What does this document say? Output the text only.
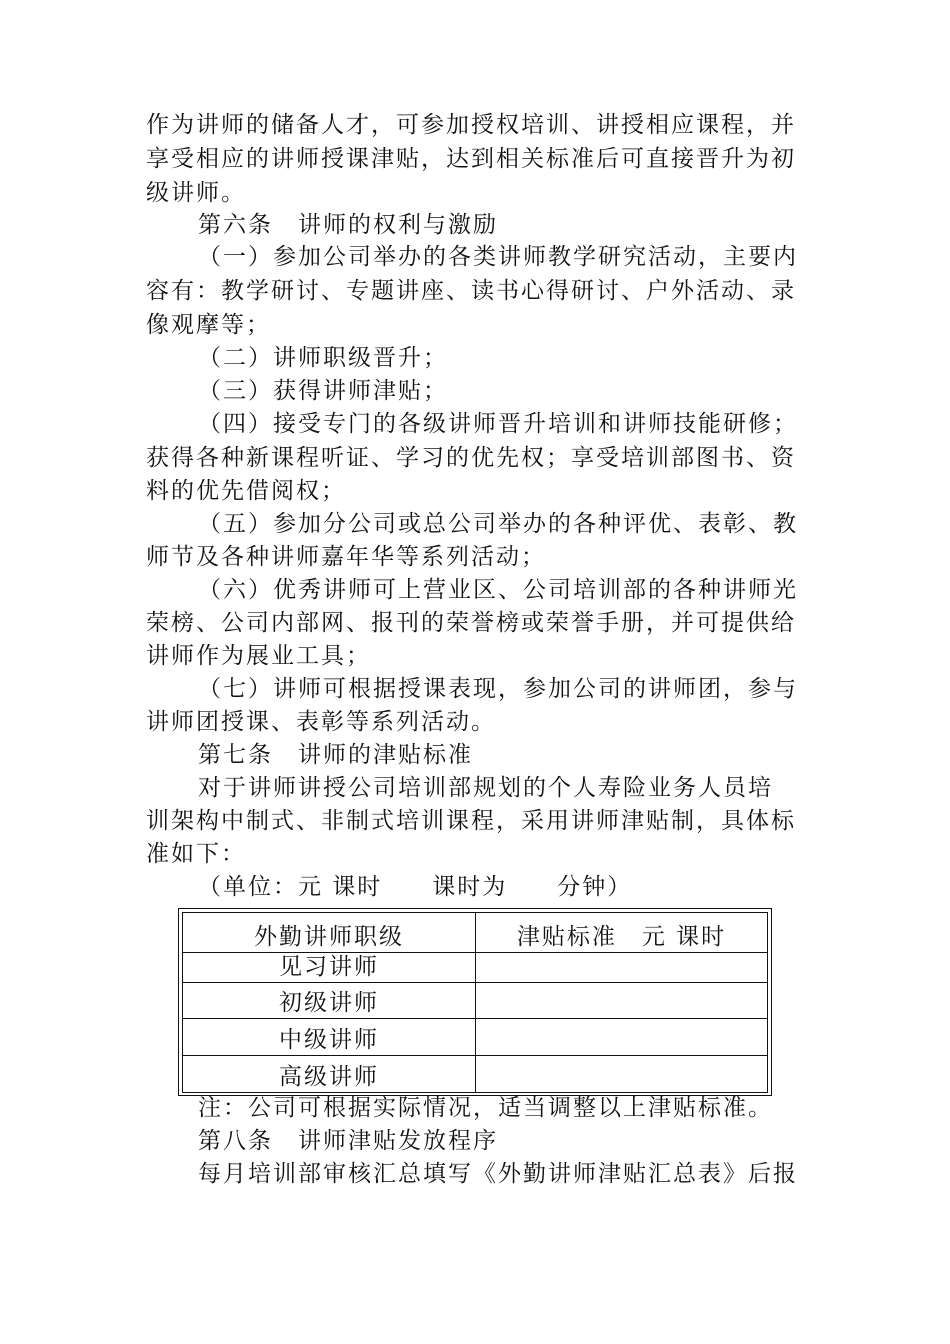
作为讲师的储备人才，可参加授权培训、讲授相应课程，并
享受相应的讲师授课津贴，达到相关标准后可直接晋升为初
级讲师。
第六条　讲师的权利与激励
（一）参加公司举办的各类讲师教学研究活动，主要内
容有：教学研讨、专题讲座、读书心得研讨、户外活动、录
像观摩等；
（二）讲师职级晋升；
（三）获得讲师津贴；
（四）接受专门的各级讲师晋升培训和讲师技能研修；
获得各种新课程听证、学习的优先权；享受培训部图书、资
料的优先借阅权；
（五）参加分公司或总公司举办的各种评优、表彰、教
师节及各种讲师嘉年华等系列活动；
（六）优秀讲师可上营业区、公司培训部的各种讲师光
荣榜、公司内部网、报刊的荣誉榜或荣誉手册，并可提供给
讲师作为展业工具；
（七）讲师可根据授课表现，参加公司的讲师团，参与
讲师团授课、表彰等系列活动。
第七条　讲师的津贴标准
对于讲师讲授公司培训部规划的个人寿险业务人员培
训架构中制式、非制式培训课程，采用讲师津贴制，具体标
准如下：
（单位：元 课时　　课时为　　分钟）
外勤讲师职级	津贴标准　元 课时
见习讲师	
初级讲师	
中级讲师	
高级讲师	
注：公司可根据实际情况，适当调整以上津贴标准。
第八条　讲师津贴发放程序
每月培训部审核汇总填写《外勤讲师津贴汇总表》后报
